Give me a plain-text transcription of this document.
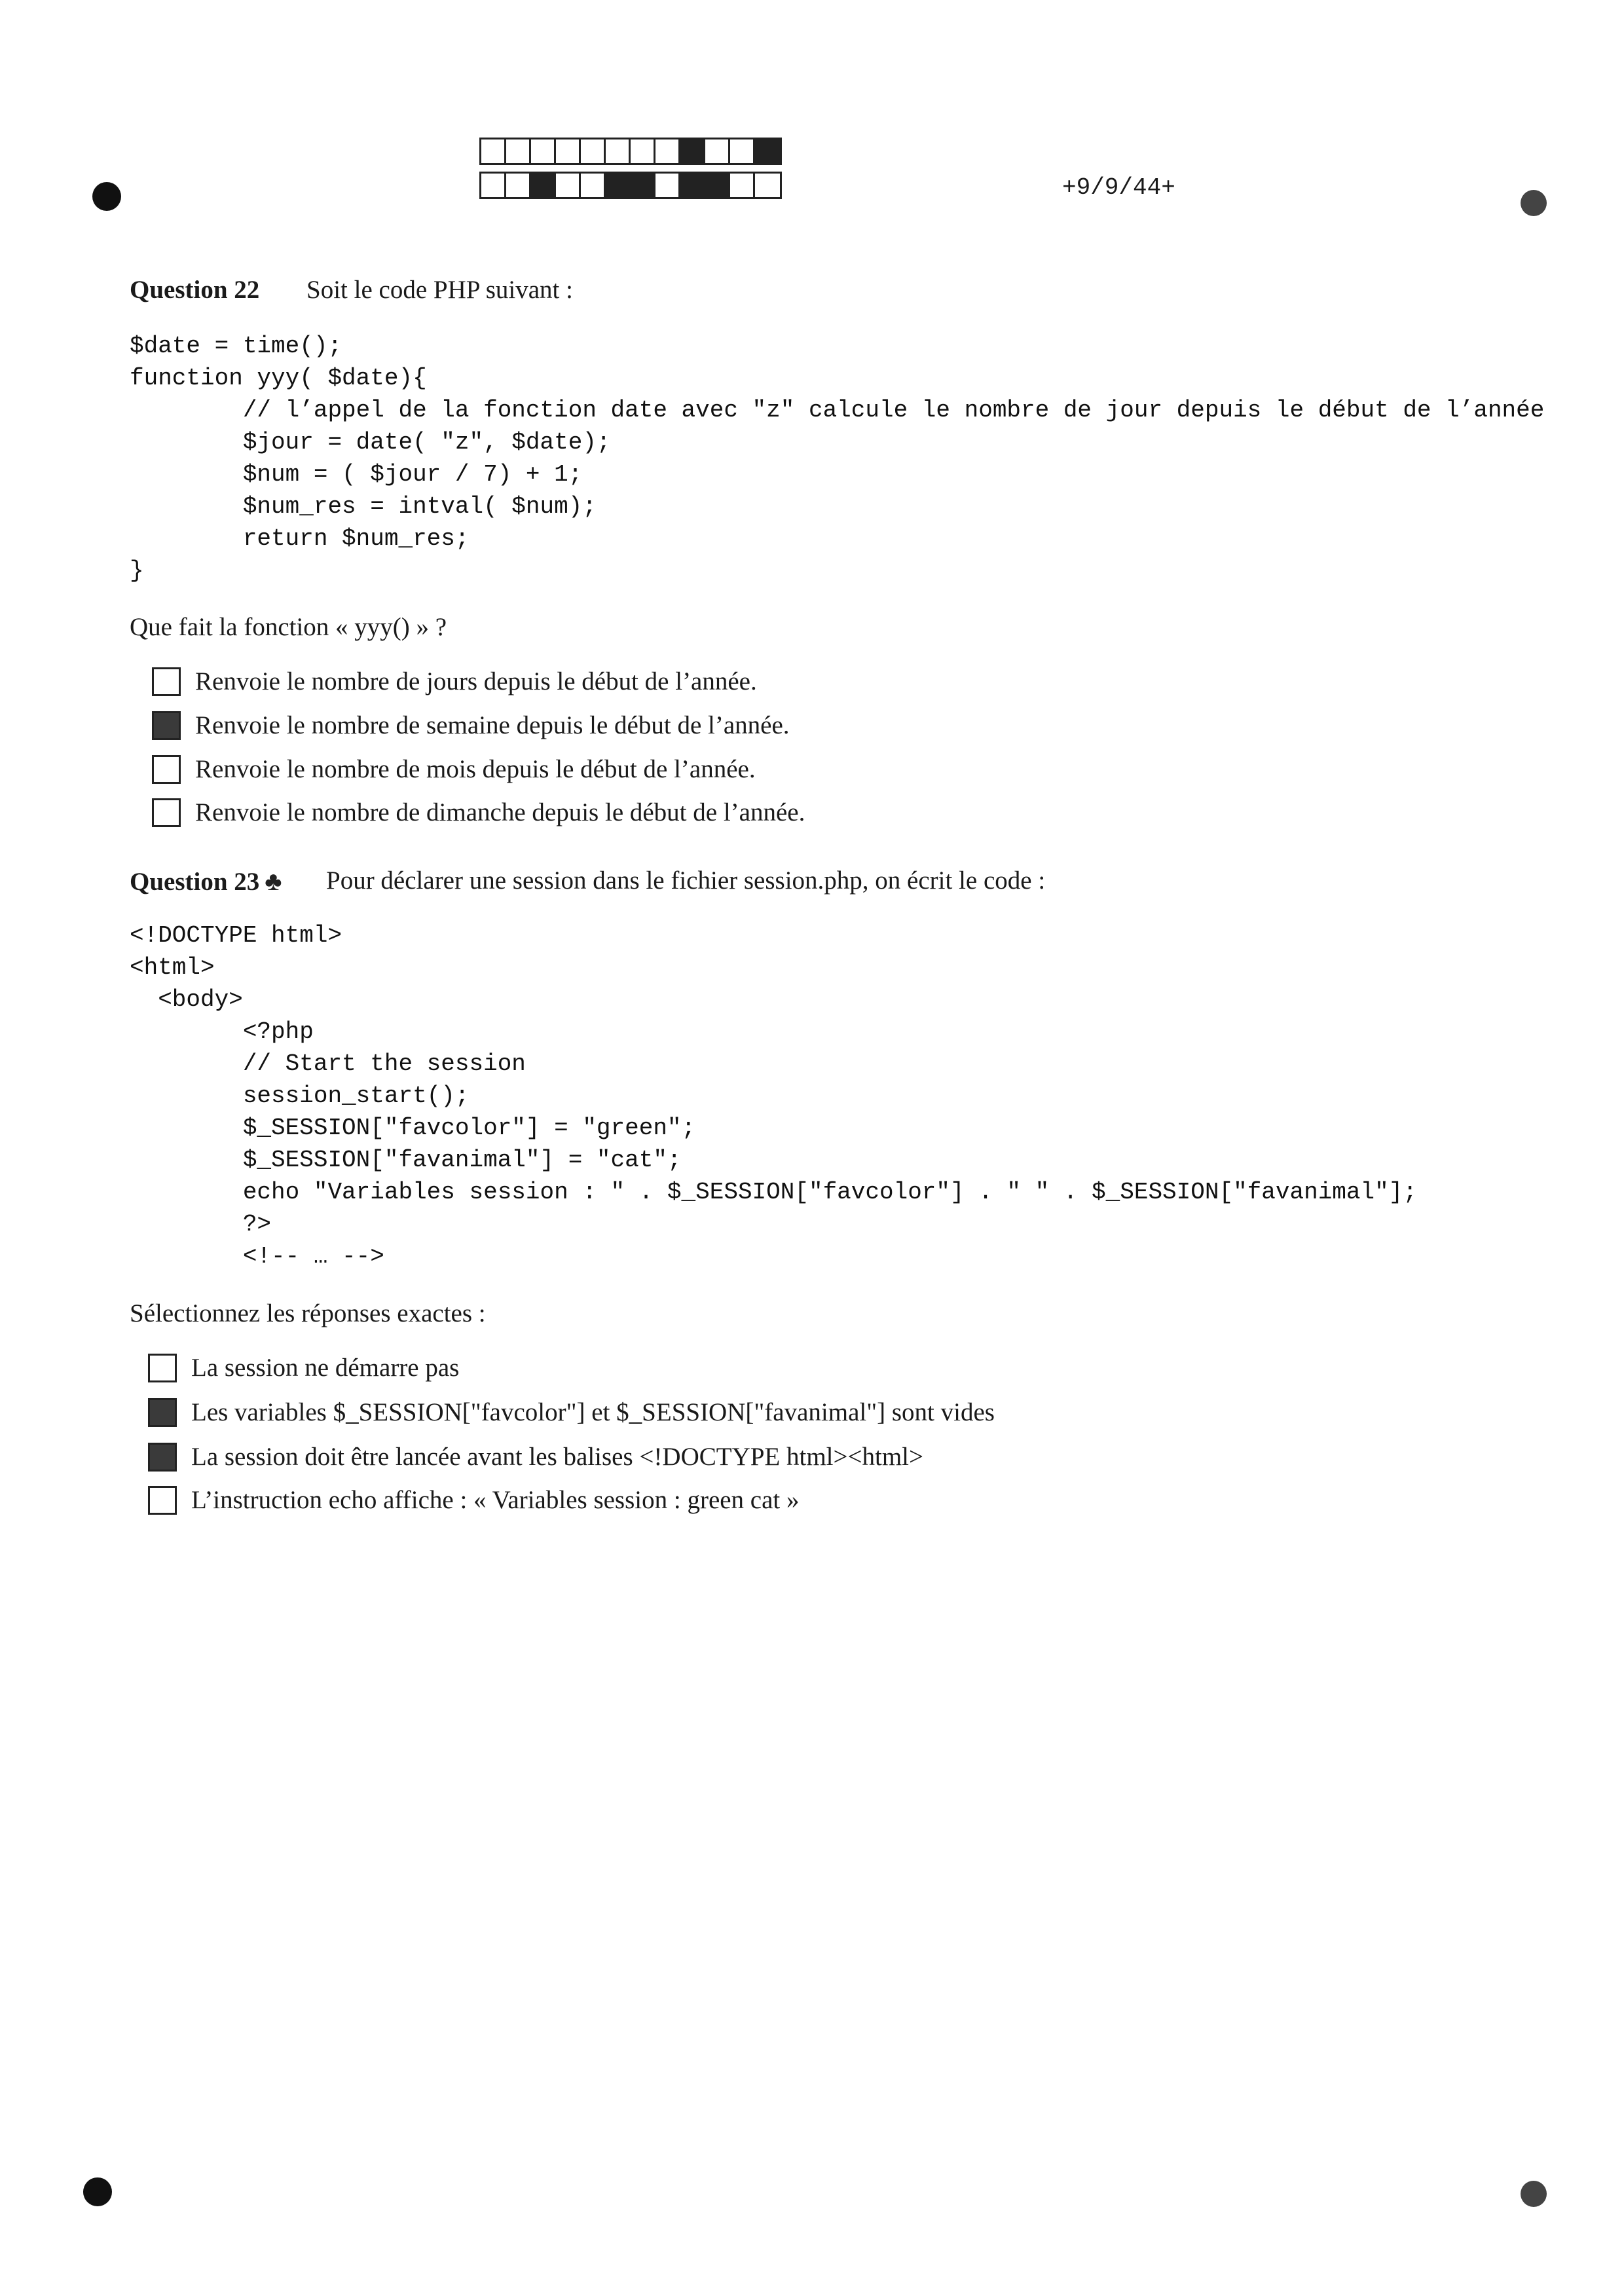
+9/9/44+
Question 22 Soit le code PHP suivant :
$date = time();
function yyy( $date){
// l’appel de la fonction date avec "z" calcule le nombre de jour depuis le début de l’année
$jour = date( "z", $date);
$num = ( $jour / 7) + 1;
$num_res = intval( $num);
return $num_res;
}
Que fait la fonction « yyy() » ?
Renvoie le nombre de jours depuis le début de l’année.
Renvoie le nombre de semaine depuis le début de l’année.
Renvoie le nombre de mois depuis le début de l’année.
Renvoie le nombre de dimanche depuis le début de l’année.
Question 23 ♣ Pour déclarer une session dans le fichier session.php, on écrit le code :
<!DOCTYPE html>
<html>
<body>
<?php
// Start the session
session_start();
$_SESSION["favcolor"] = "green";
$_SESSION["favanimal"] = "cat";
echo "Variables session : " . $_SESSION["favcolor"] . " " . $_SESSION["favanimal"];
?>
<!-- … -->
Sélectionnez les réponses exactes :
La session ne démarre pas
Les variables $_SESSION["favcolor"] et $_SESSION["favanimal"] sont vides
La session doit être lancée avant les balises <!DOCTYPE html><html>
L’instruction echo affiche : « Variables session : green cat »
